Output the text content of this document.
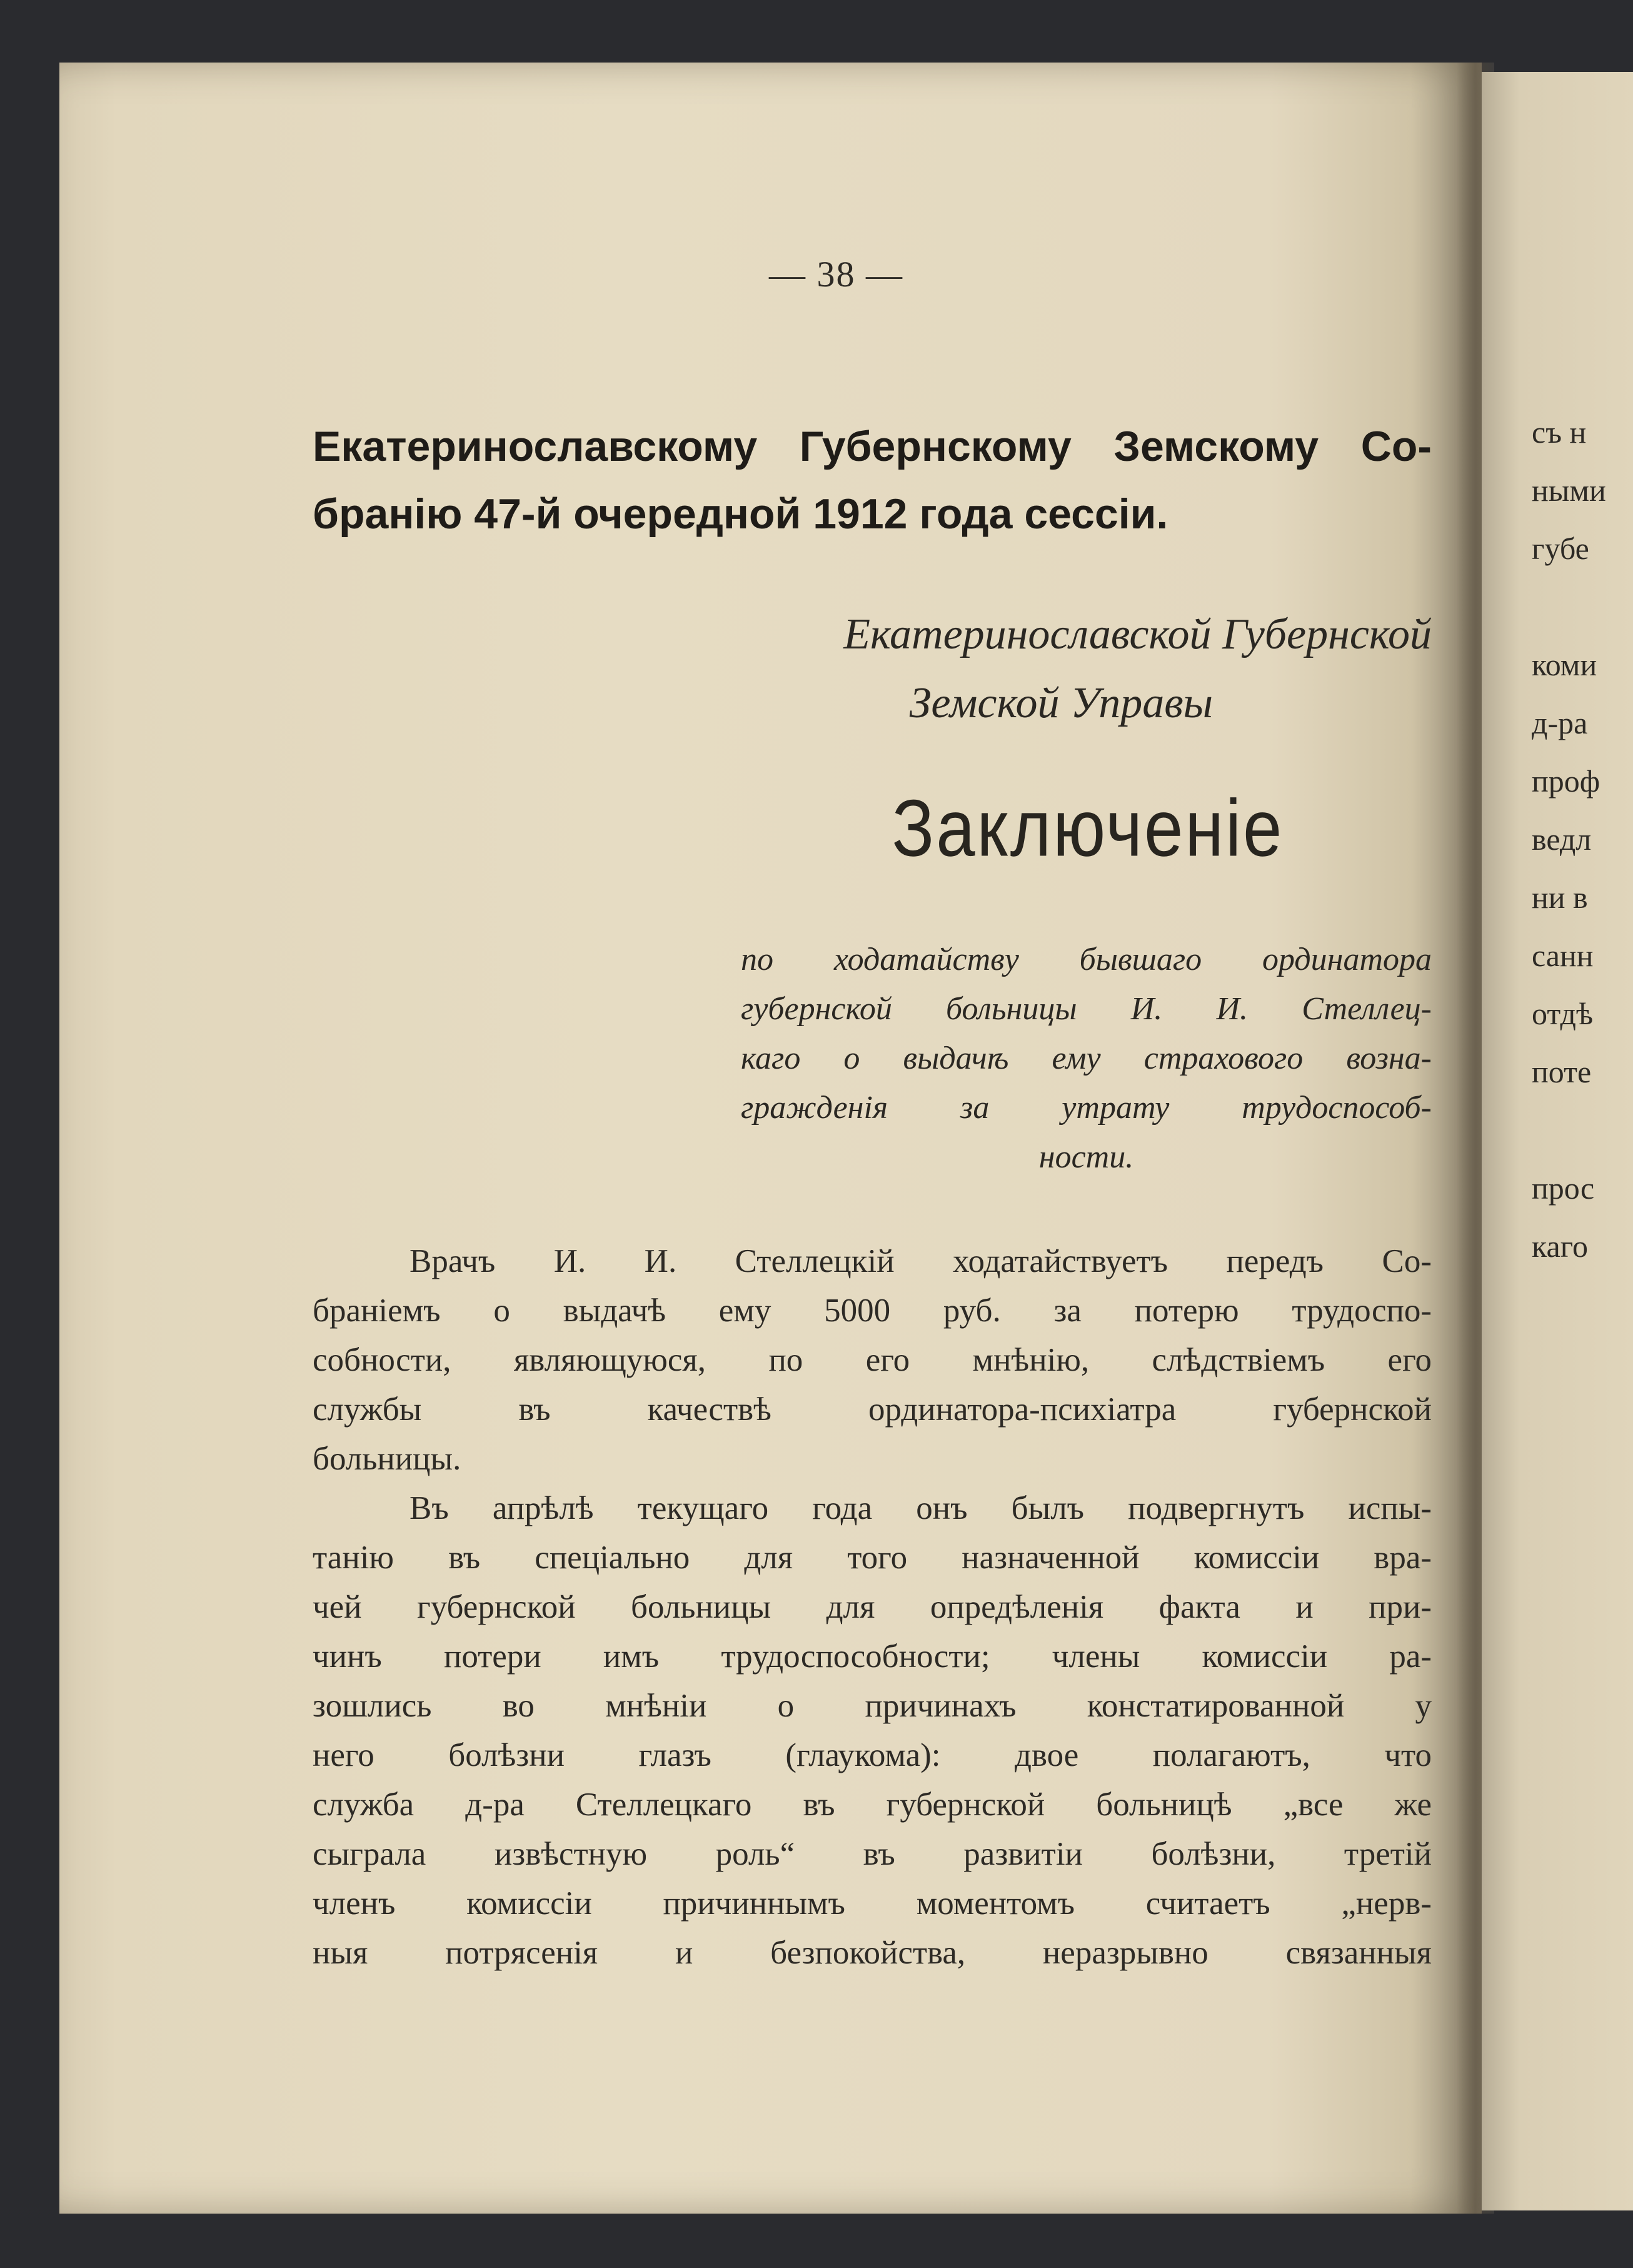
съ н
ными
губе
коми
д-ра
проф
ведл
ни в
санн
отдѣ
поте
прос
каго
— 38 —
Екатеринославскому Губернскому Земскому Со-
бранію 47-й очередной 1912 года сессіи.
Екатеринославской Губернской
Земской Управы
Заключеніе
по ходатайству бывшаго ординатора
губернской больницы И. И. Стеллец-
каго о выдачѣ ему страхового возна-
гражденія за утрату трудоспособ-
ности.
Врачъ И. И. Стеллецкій ходатайствуетъ передъ Со-
браніемъ о выдачѣ ему 5000 руб. за потерю трудоспо-
собности, являющуюся, по его мнѣнію, слѣдствіемъ его
службы въ качествѣ ординатора-психіатра губернской
больницы.
Въ апрѣлѣ текущаго года онъ былъ подвергнутъ испы-
танію въ спеціально для того назначенной комиссіи вра-
чей губернской больницы для опредѣленія факта и при-
чинъ потери имъ трудоспособности; члены комиссіи ра-
зошлись во мнѣніи о причинахъ констатированной у
него болѣзни глазъ (глаукома): двое полагаютъ, что
служба д-ра Стеллецкаго въ губернской больницѣ „все же
сыграла извѣстную роль“ въ развитіи болѣзни, третій
членъ комиссіи причиннымъ моментомъ считаетъ „нерв-
ныя потрясенія и безпокойства, неразрывно связанныя
